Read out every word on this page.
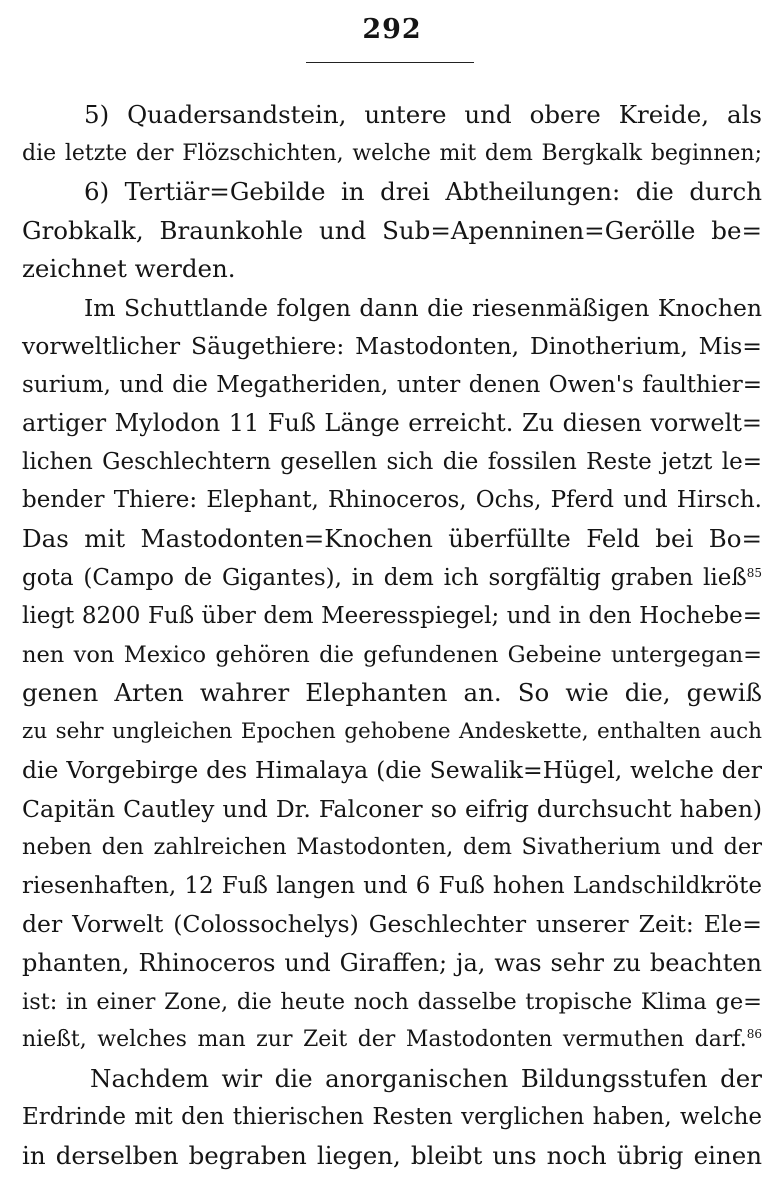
292
5) Quadersandstein, untere und obere Kreide, als
die letzte der Flözschichten, welche mit dem Bergkalk beginnen;
6) Tertiär=Gebilde in drei Abtheilungen: die durch
Grobkalk, Braunkohle und Sub=Apenninen=Gerölle be=
zeichnet werden.
Im Schuttlande folgen dann die riesenmäßigen Knochen
vorweltlicher Säugethiere: Mastodonten, Dinotherium, Mis=
surium, und die Megatheriden, unter denen Owen's faulthier=
artiger Mylodon 11 Fuß Länge erreicht. Zu diesen vorwelt=
lichen Geschlechtern gesellen sich die fossilen Reste jetzt le=
bender Thiere: Elephant, Rhinoceros, Ochs, Pferd und Hirsch.
Das mit Mastodonten=Knochen überfüllte Feld bei Bo=
gota (Campo de Gigantes), in dem ich sorgfältig graben ließ$^{85}$
liegt 8200 Fuß über dem Meeresspiegel; und in den Hochebe=
nen von Mexico gehören die gefundenen Gebeine untergegan=
genen Arten wahrer Elephanten an. So wie die, gewiß
zu sehr ungleichen Epochen gehobene Andeskette, enthalten auch
die Vorgebirge des Himalaya (die Sewalik=Hügel, welche der
Capitän Cautley und Dr. Falconer so eifrig durchsucht haben)
neben den zahlreichen Mastodonten, dem Sivatherium und der
riesenhaften, 12 Fuß langen und 6 Fuß hohen Landschildkröte
der Vorwelt (Colossochelys) Geschlechter unserer Zeit: Ele=
phanten, Rhinoceros und Giraffen; ja, was sehr zu beachten
ist: in einer Zone, die heute noch dasselbe tropische Klima ge=
nießt, welches man zur Zeit der Mastodonten vermuthen darf.$^{86}$
Nachdem wir die anorganischen Bildungsstufen der
Erdrinde mit den thierischen Resten verglichen haben, welche
in derselben begraben liegen, bleibt uns noch übrig einen
